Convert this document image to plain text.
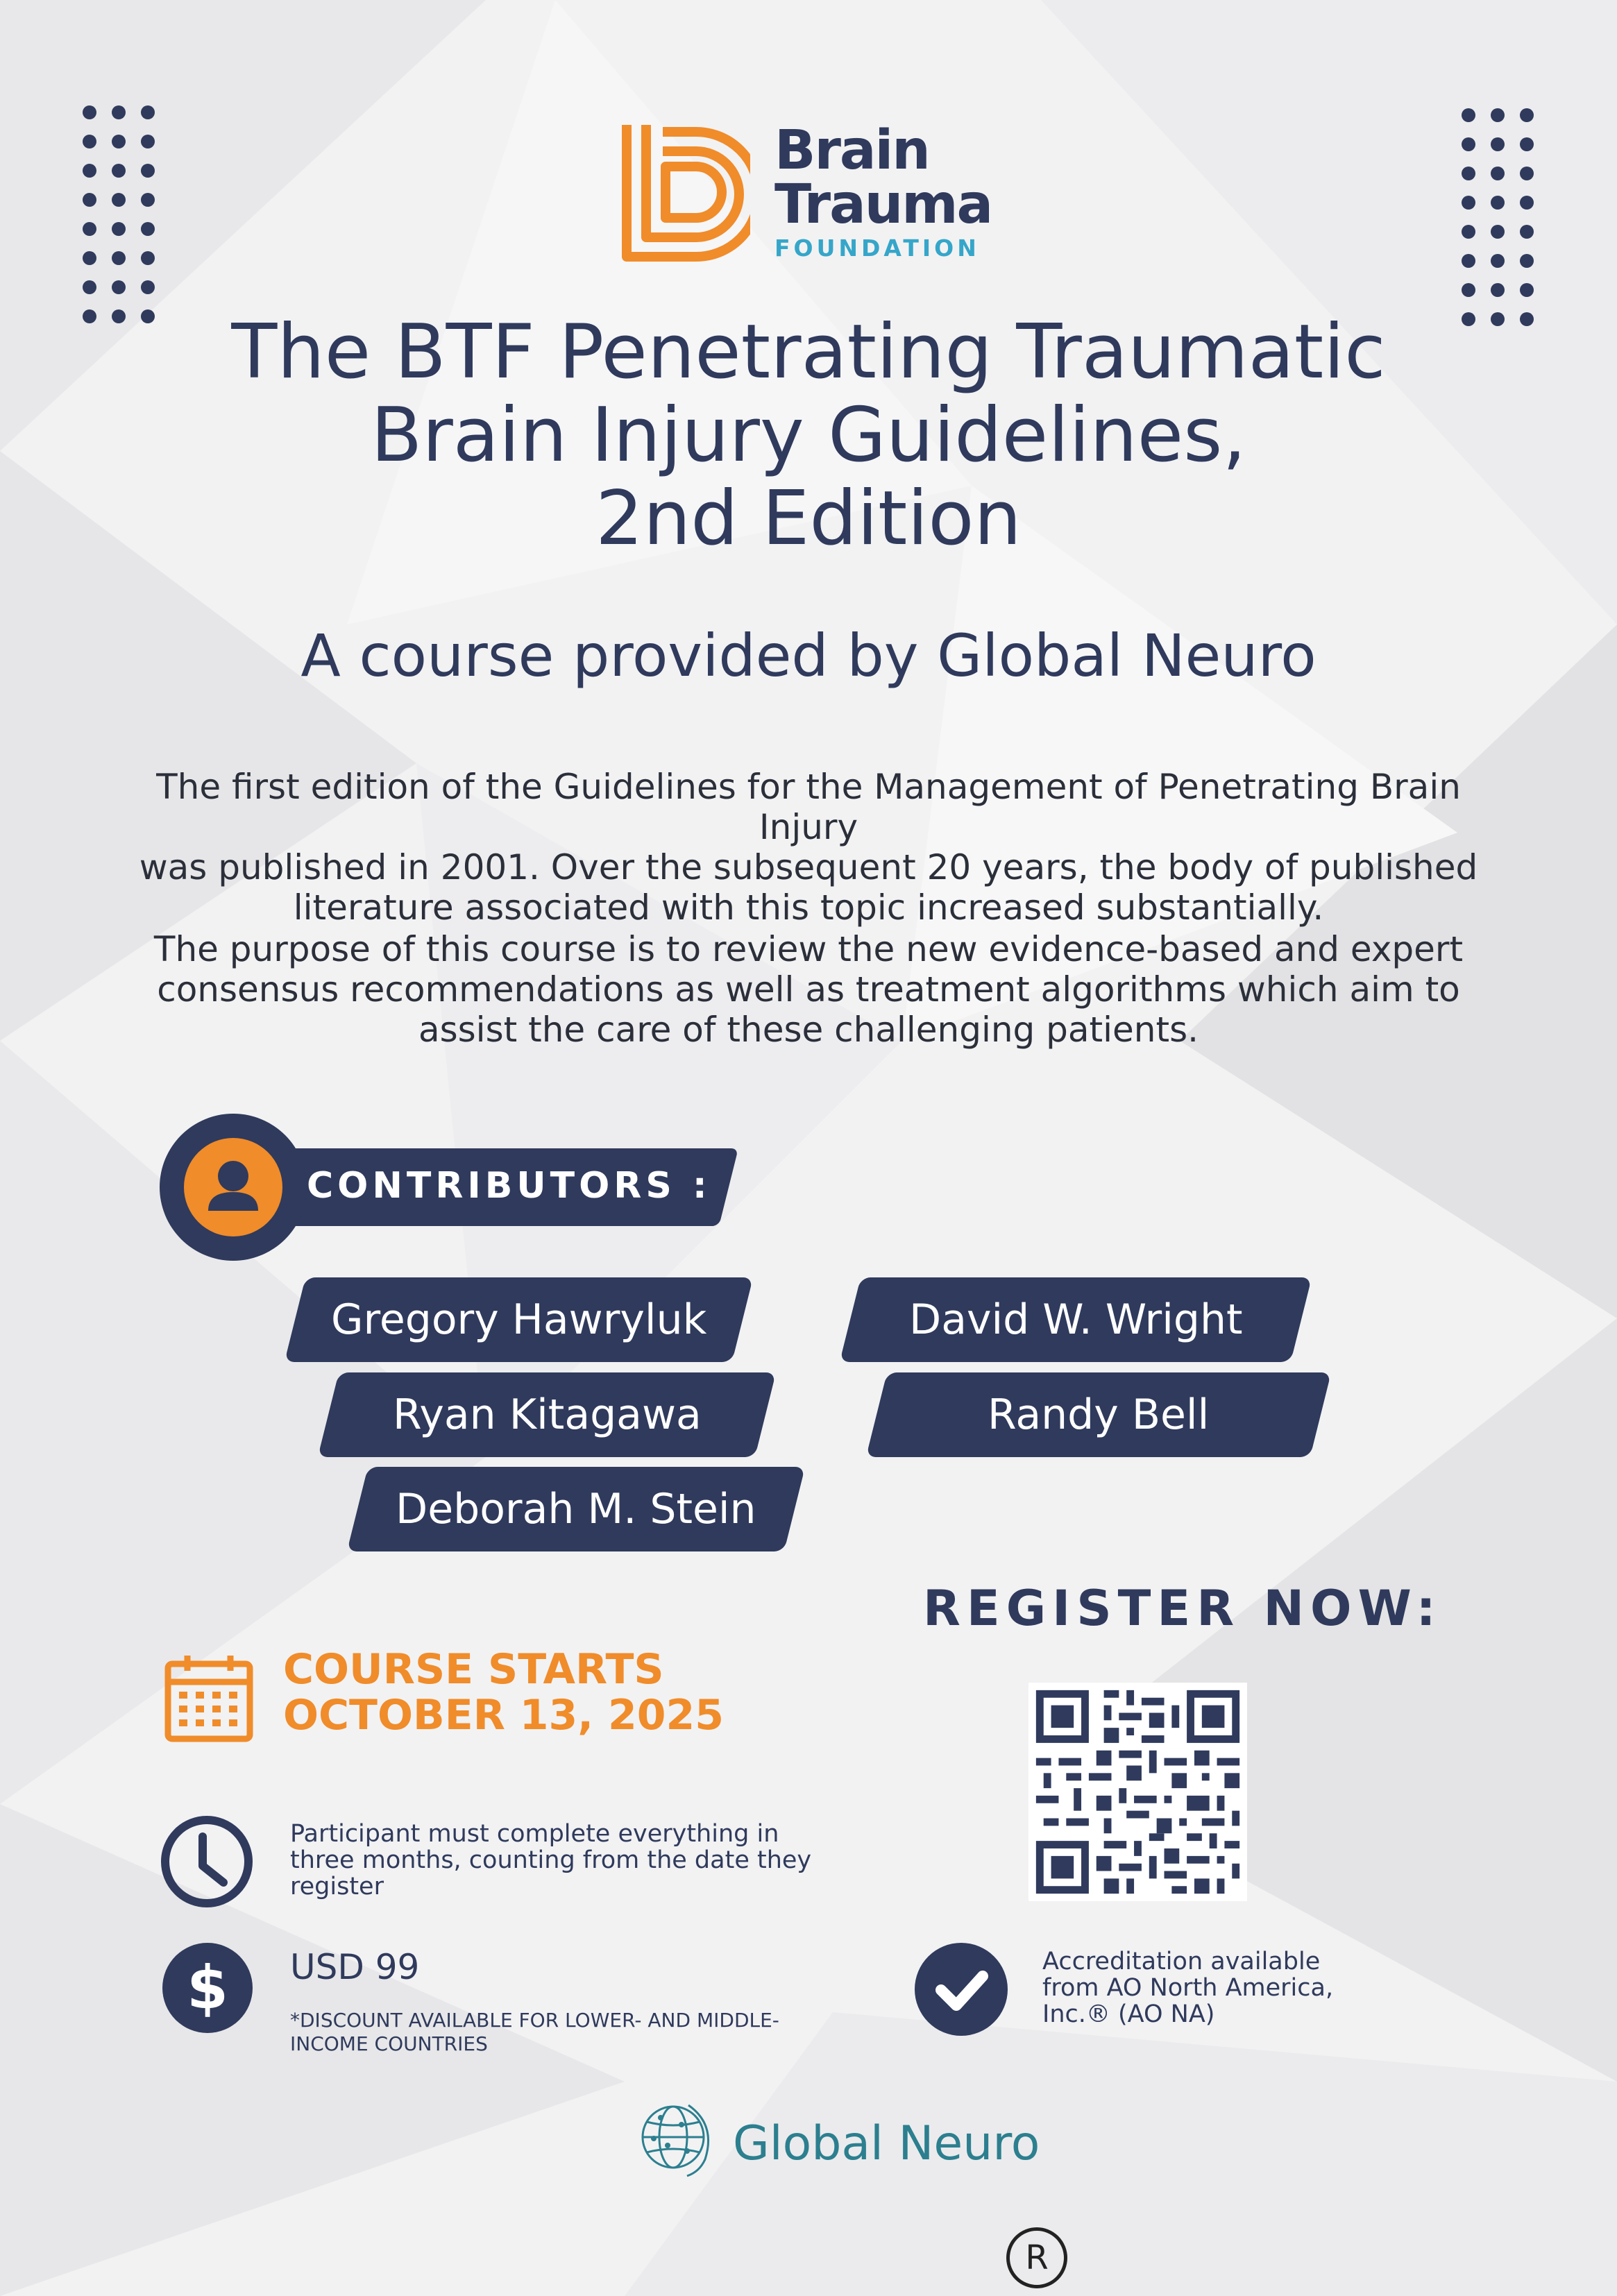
Brain
Trauma
FOUNDATION
The BTF Penetrating Traumatic
Brain Injury Guidelines,
2nd Edition
A course provided by Global Neuro
The first edition of the Guidelines for the Management of Penetrating Brain Injury
was published in 2001. Over the subsequent 20 years, the body of published
literature associated with this topic increased substantially.
The purpose of this course is to review the new evidence-based and expert
consensus recommendations as well as treatment algorithms which aim to
assist the care of these challenging patients.
CONTRIBUTORS :
Gregory Hawryluk
Ryan Kitagawa
Deborah M. Stein
David W. Wright
Randy Bell
REGISTER NOW:
COURSE STARTS
OCTOBER 13, 2025
Participant must complete everything in
three months, counting from the date they
register
$ USD 99
*DISCOUNT AVAILABLE FOR LOWER- AND MIDDLE-
INCOME COUNTRIES
Accreditation available
from AO North America,
Inc.® (AO NA)
Global Neuro
R
